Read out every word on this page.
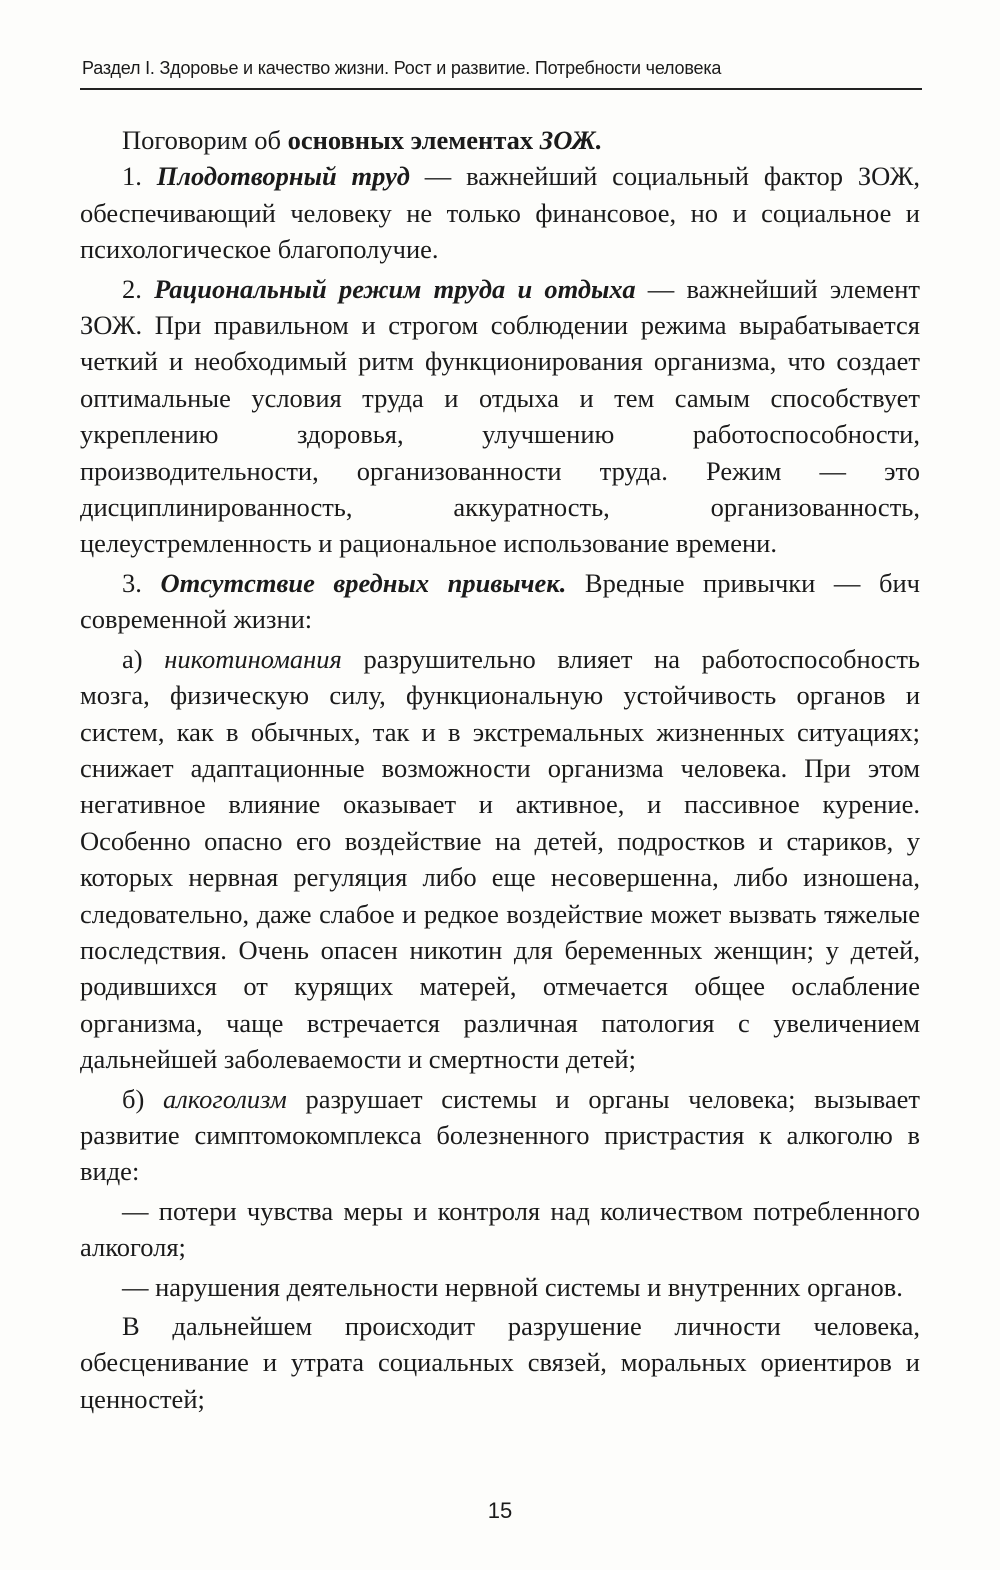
Раздел I. Здоровье и качество жизни. Рост и развитие. Потребности человека

Поговорим об основных элементах ЗОЖ.

1. Плодотворный труд — важнейший социальный фактор ЗОЖ, обеспечивающий человеку не только финансовое, но и социальное и психологическое благополучие.

2. Рациональный режим труда и отдыха — важнейший элемент ЗОЖ. При правильном и строгом соблюдении режима вырабатывается четкий и необходимый ритм функционирования организма, что создает оптимальные условия труда и отдыха и тем самым способствует укреплению здоровья, улучшению работоспособности, производительности, организованности труда. Режим — это дисциплинированность, аккуратность, организованность, целеустремленность и рациональное использование времени.

3. Отсутствие вредных привычек. Вредные привычки — бич современной жизни:

а) никотиномания разрушительно влияет на работоспособность мозга, физическую силу, функциональную устойчивость органов и систем, как в обычных, так и в экстремальных жизненных ситуациях; снижает адаптационные возможности организма человека. При этом негативное влияние оказывает и активное, и пассивное курение. Особенно опасно его воздействие на детей, подростков и стариков, у которых нервная регуляция либо еще несовершенна, либо изношена, следовательно, даже слабое и редкое воздействие может вызвать тяжелые последствия. Очень опасен никотин для беременных женщин; у детей, родившихся от курящих матерей, отмечается общее ослабление организма, чаще встречается различная патология с увеличением дальнейшей заболеваемости и смертности детей;

б) алкоголизм разрушает системы и органы человека; вызывает развитие симптомокомплекса болезненного пристрастия к алкоголю в виде:

— потери чувства меры и контроля над количеством потребленного алкоголя;

— нарушения деятельности нервной системы и внутренних органов.

В дальнейшем происходит разрушение личности человека, обесценивание и утрата социальных связей, моральных ориентиров и ценностей;

15
